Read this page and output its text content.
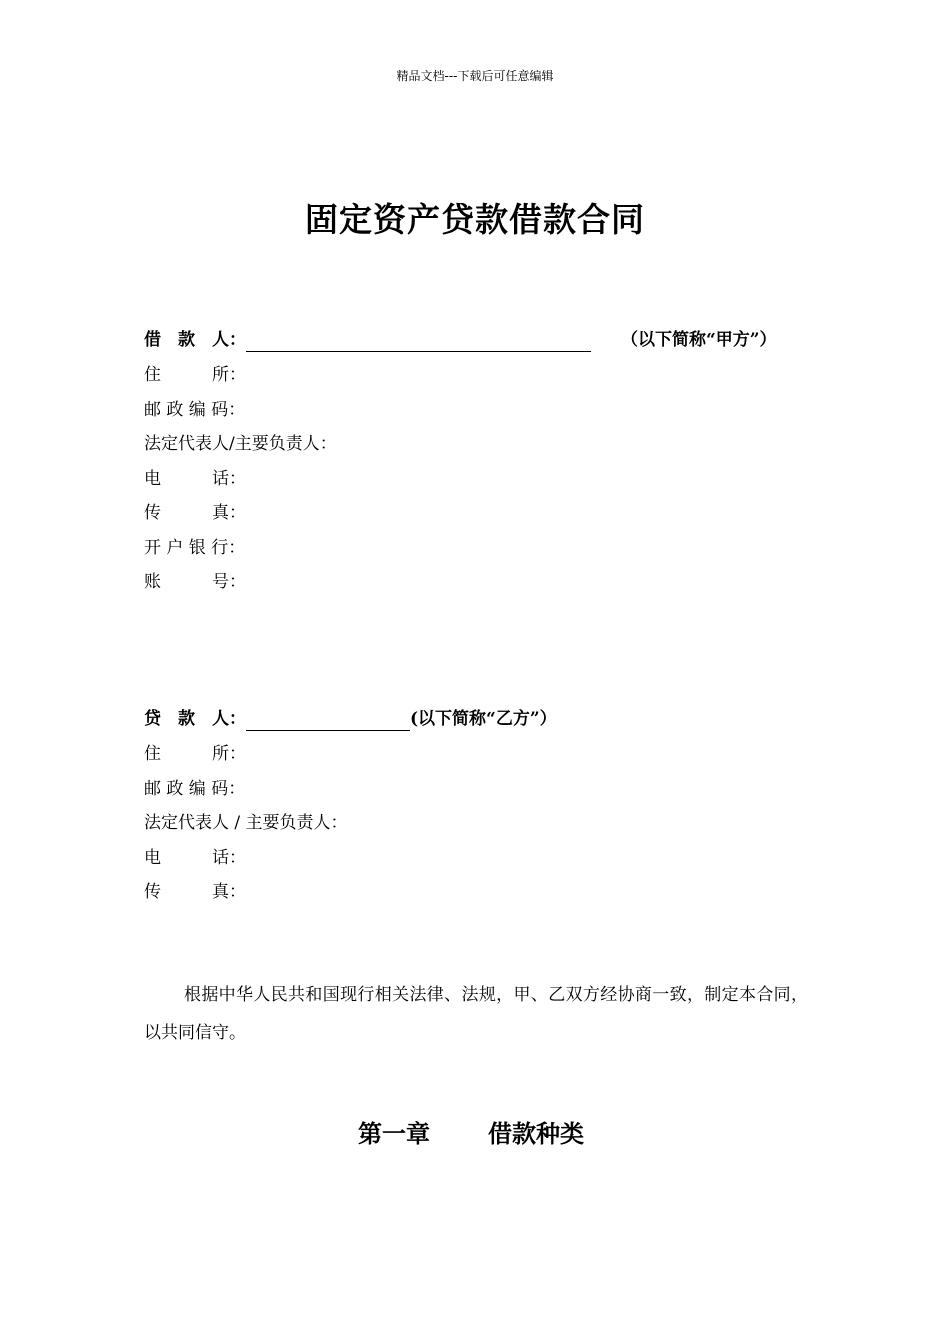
精品文档---下载后可任意编辑
固定资产贷款借款合同
借　款　人：	（以下简称“甲方”）
住　　　所：
邮 政 编 码：
法定代表人/主要负责人：
电　　　话：
传　　　真：
开 户 银 行：
账　　　号：
贷　款　人：	(以下简称“乙方”）
住　　　所：
邮 政 编 码：
法定代表人 / 主要负责人：
电　　　话：
传　　　真：
根据中华人民共和国现行相关法律、法规，甲、乙双方经协商一致，制定本合同，以共同信守。
第一章 借款种类
